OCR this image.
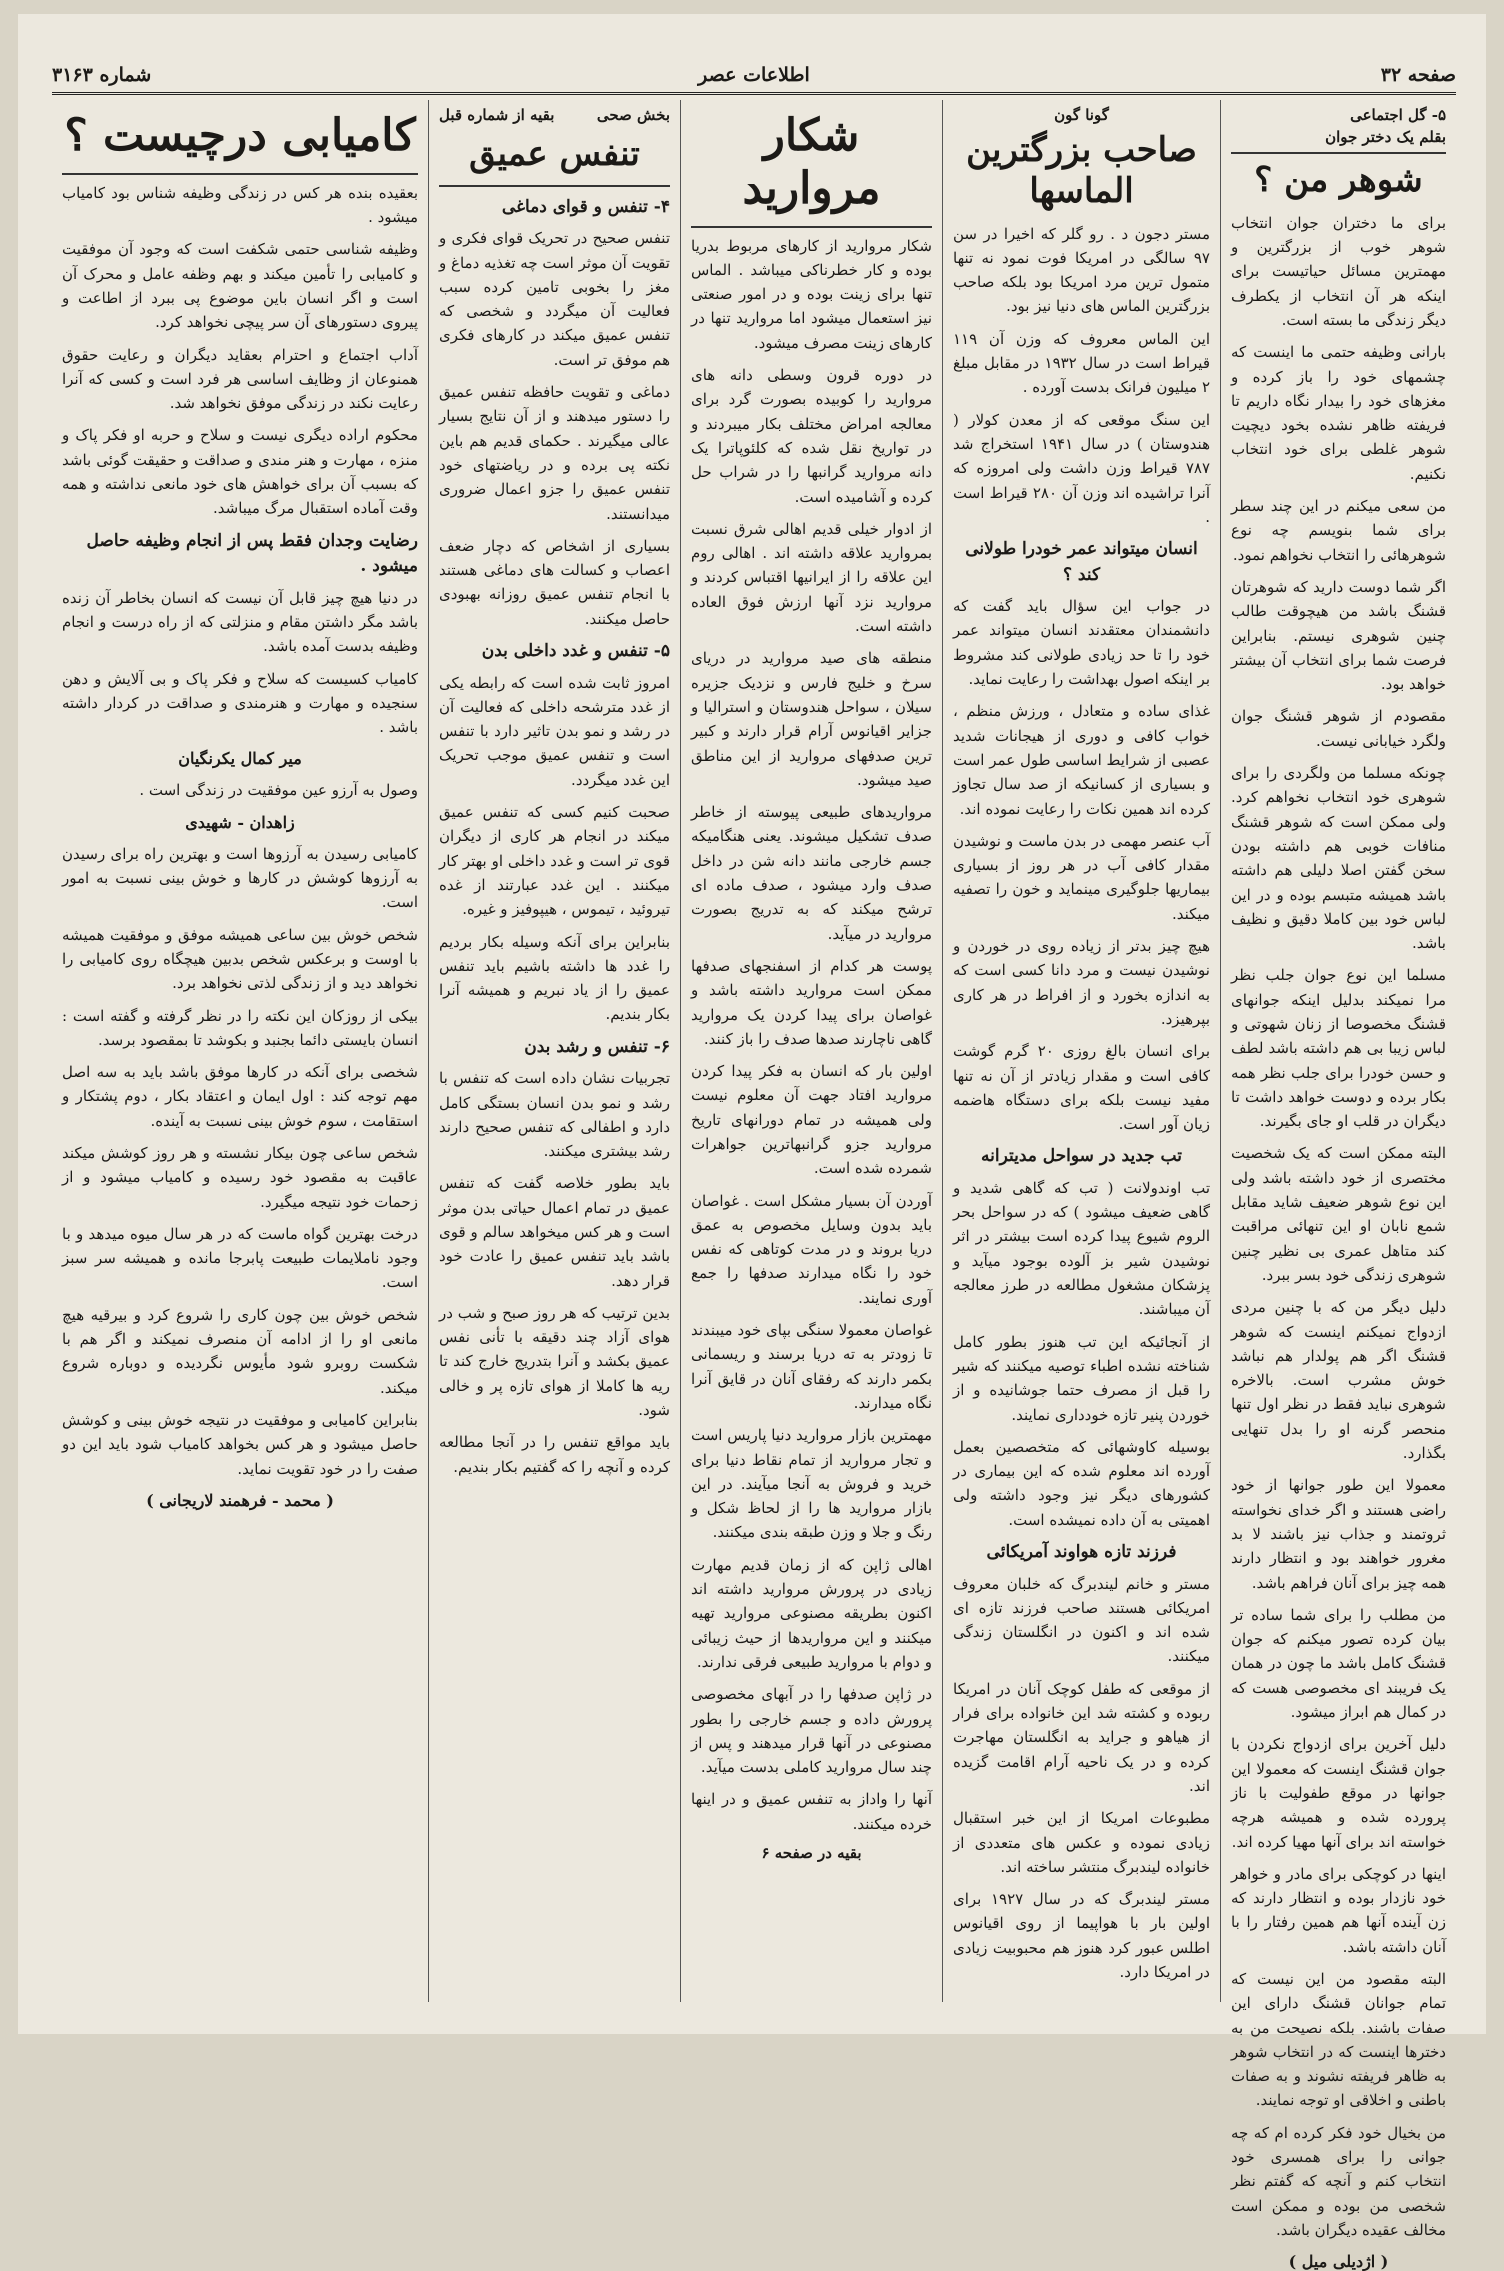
صفحه ۳۲
اطلاعات عصر
شماره ۳۱۶۳
۵- گل اجتماعی
بقلم یک دختر جوان
شوهر من ؟

برای ما دختران جوان انتخاب شوهر خوب از بزرگترین و مهمترین مسائل حیاتیست برای اینکه هر آن انتخاب از یکطرف دیگر زندگی ما بسته است.

بارانی وظیفه حتمی ما اینست که چشمهای خود را باز کرده و مغزهای خود را بیدار نگاه داریم تا فریفته ظاهر نشده بخود دیچیت شوهر غلطی برای خود انتخاب نکنیم.

من سعی میکنم در این چند سطر برای شما بنویسم چه نوع شوهرهائی را انتخاب نخواهم نمود.

اگر شما دوست دارید که شوهرتان قشنگ باشد من هیچوقت طالب چنین شوهری نیستم. بنابراین فرصت شما برای انتخاب آن بیشتر خواهد بود.

مقصودم از شوهر قشنگ جوان ولگرد خیابانی نیست.

چونکه مسلما من ولگردی را برای شوهری خود انتخاب نخواهم کرد. ولی ممکن است که شوهر قشنگ منافات خوبی هم داشته بودن سخن گفتن اصلا دلیلی هم داشته باشد همیشه متبسم بوده و در این لباس خود بین کاملا دقیق و نظیف باشد.

مسلما این نوع جوان جلب نظر مرا نمیکند بدلیل اینکه جوانهای قشنگ مخصوصا از زنان شهوتی و لباس زیبا بی هم داشته باشد لطف و حسن خودرا برای جلب نظر همه بکار برده و دوست خواهد داشت تا دیگران در قلب او جای بگیرند.

البته ممکن است که یک شخصیت مختصری از خود داشته باشد ولی این نوع شوهر ضعیف شاید مقابل شمع نابان او این تنهائی مراقبت کند متاهل عمری بی نظیر چنین شوهری زندگی خود بسر ببرد.

دلیل دیگر من که با چنین مردی ازدواج نمیکنم اینست که شوهر قشنگ اگر هم پولدار هم نباشد خوش مشرب است. بالاخره شوهری نباید فقط در نظر اول تنها منحصر گرنه او را بدل تنهایی بگذارد.

معمولا این طور جوانها از خود راضی هستند و اگر خدای نخواسته ثروتمند و جذاب نیز باشند لا بد مغرور خواهند بود و انتظار دارند همه چیز برای آنان فراهم باشد.

من مطلب را برای شما ساده تر بیان کرده تصور میکنم که جوان قشنگ کامل باشد ما چون در همان یک فریبند ای مخصوصی هست که در کمال هم ابراز میشود.

دلیل آخرین برای ازدواج نکردن با جوان قشنگ اینست که معمولا این جوانها در موقع طفولیت با ناز پرورده شده و همیشه هرچه خواسته اند برای آنها مهیا کرده اند.

اینها در کوچکی برای مادر و خواهر خود نازدار بوده و انتظار دارند که زن آینده آنها هم همین رفتار را با آنان داشته باشد.

البته مقصود من این نیست که تمام جوانان قشنگ دارای این صفات باشند. بلکه نصیحت من به دخترها اینست که در انتخاب شوهر به ظاهر فریفته نشوند و به صفات باطنی و اخلاقی او توجه نمایند.

من بخیال خود فکر کرده ام که چه جوانی را برای همسری خود انتخاب کنم و آنچه که گفتم نظر شخصی من بوده و ممکن است مخالف عقیده دیگران باشد.

( اژدیلی میل )
گونا گون
صاحب بزرگترین الماسها

مستر دجون د . رو گلر که اخیرا در سن ۹۷ سالگی در امریکا فوت نمود نه تنها متمول ترین مرد امریکا بود بلکه صاحب بزرگترین الماس های دنیا نیز بود.

این الماس معروف که وزن آن ۱۱۹ قیراط است در سال ۱۹۳۲ در مقابل مبلغ ۲ میلیون فرانک بدست آورده .

این سنگ موقعی که از معدن کولار ( هندوستان ) در سال ۱۹۴۱ استخراج شد ۷۸۷ قیراط وزن داشت ولی امروزه که آنرا تراشیده اند وزن آن ۲۸۰ قیراط است .

انسان میتواند عمر خودرا طولانی کند ؟

در جواب این سؤال باید گفت که دانشمندان معتقدند انسان میتواند عمر خود را تا حد زیادی طولانی کند مشروط بر اینکه اصول بهداشت را رعایت نماید.

غذای ساده و متعادل ، ورزش منظم ، خواب کافی و دوری از هیجانات شدید عصبی از شرایط اساسی طول عمر است و بسیاری از کسانیکه از صد سال تجاوز کرده اند همین نکات را رعایت نموده اند.

آب عنصر مهمی در بدن ماست و نوشیدن مقدار کافی آب در هر روز از بسیاری بیماریها جلوگیری مینماید و خون را تصفیه میکند.

هیچ چیز بدتر از زیاده روی در خوردن و نوشیدن نیست و مرد دانا کسی است که به اندازه بخورد و از افراط در هر کاری بپرهیزد.

برای انسان بالغ روزی ۲۰ گرم گوشت کافی است و مقدار زیادتر از آن نه تنها مفید نیست بلکه برای دستگاه هاضمه زیان آور است.

تب جدید در سواحل مدیترانه

تب اوندولانت ( تب که گاهی شدید و گاهی ضعیف میشود ) که در سواحل بحر الروم شیوع پیدا کرده است بیشتر در اثر نوشیدن شیر بز آلوده بوجود میآید و پزشکان مشغول مطالعه در طرز معالجه آن میباشند.

از آنجائیکه این تب هنوز بطور کامل شناخته نشده اطباء توصیه میکنند که شیر را قبل از مصرف حتما جوشانیده و از خوردن پنیر تازه خودداری نمایند.

بوسیله کاوشهائی که متخصصین بعمل آورده اند معلوم شده که این بیماری در کشورهای دیگر نیز وجود داشته ولی اهمیتی به آن داده نمیشده است.

فرزند تازه هواوند آمریکائی

مستر و خانم لیندبرگ که خلبان معروف امریکائی هستند صاحب فرزند تازه ای شده اند و اکنون در انگلستان زندگی میکنند.

از موقعی که طفل کوچک آنان در امریکا ربوده و کشته شد این خانواده برای فرار از هیاهو و جراید به انگلستان مهاجرت کرده و در یک ناحیه آرام اقامت گزیده اند.

مطبوعات امریکا از این خبر استقبال زیادی نموده و عکس های متعددی از خانواده لیندبرگ منتشر ساخته اند.

مستر لیندبرگ که در سال ۱۹۲۷ برای اولین بار با هواپیما از روی اقیانوس اطلس عبور کرد هنوز هم محبوبیت زیادی در امریکا دارد.

شکار مروارید

شکار مروارید از کارهای مربوط بدریا بوده و کار خطرناکی میباشد . الماس تنها برای زینت بوده و در امور صنعتی نیز استعمال میشود اما مروارید تنها در کارهای زینت مصرف میشود.

در دوره قرون وسطی دانه های مروارید را کوبیده بصورت گرد برای معالجه امراض مختلف بکار میبردند و در تواریخ نقل شده که کلئوپاترا یک دانه مروارید گرانبها را در شراب حل کرده و آشامیده است.

از ادوار خیلی قدیم اهالی شرق نسبت بمروارید علاقه داشته اند . اهالی روم این علاقه را از ایرانیها اقتباس کردند و مروارید نزد آنها ارزش فوق العاده داشته است.

منطقه های صید مروارید در دریای سرخ و خلیج فارس و نزدیک جزیره سیلان ، سواحل هندوستان و استرالیا و جزایر اقیانوس آرام قرار دارند و کبیر ترین صدفهای مروارید از این مناطق صید میشود.

مرواریدهای طبیعی پیوسته از خاطر صدف تشکیل میشوند. یعنی هنگامیکه جسم خارجی مانند دانه شن در داخل صدف وارد میشود ، صدف ماده ای ترشح میکند که به تدریج بصورت مروارید در میآید.

پوست هر کدام از اسفنجهای صدفها ممکن است مروارید داشته باشد و غواصان برای پیدا کردن یک مروارید گاهی ناچارند صدها صدف را باز کنند.

اولین بار که انسان به فکر پیدا کردن مروارید افتاد جهت آن معلوم نیست ولی همیشه در تمام دورانهای تاریخ مروارید جزو گرانبهاترین جواهرات شمرده شده است.

آوردن آن بسیار مشکل است . غواصان باید بدون وسایل مخصوص به عمق دریا بروند و در مدت کوتاهی که نفس خود را نگاه میدارند صدفها را جمع آوری نمایند.

غواصان معمولا سنگی بپای خود میبندند تا زودتر به ته دریا برسند و ریسمانی بکمر دارند که رفقای آنان در قایق آنرا نگاه میدارند.

مهمترین بازار مروارید دنیا پاریس است و تجار مروارید از تمام نقاط دنیا برای خرید و فروش به آنجا میآیند. در این بازار مروارید ها را از لحاظ شکل و رنگ و جلا و وزن طبقه بندی میکنند.

اهالی ژاپن که از زمان قدیم مهارت زیادی در پرورش مروارید داشته اند اکنون بطریقه مصنوعی مروارید تهیه میکنند و این مرواریدها از حیث زیبائی و دوام با مروارید طبیعی فرقی ندارند.

در ژاپن صدفها را در آبهای مخصوصی پرورش داده و جسم خارجی را بطور مصنوعی در آنها قرار میدهند و پس از چند سال مروارید کاملی بدست میآید.

آنها را واداز به تنفس عمیق و در اینها خرده میکنند.

بقیه در صفحه ۶
بخش صحی
بقیه از شماره قبل
تنفس عمیق
۴- تنفس و قوای دماغی

تنفس صحیح در تحریک قوای فکری و تقویت آن موثر است چه تغذیه دماغ و مغز را بخوبی تامین کرده سبب فعالیت آن میگردد و شخصی که تنفس عمیق میکند در کارهای فکری هم موفق تر است.

دماغی و تقویت حافظه تنفس عمیق را دستور میدهند و از آن نتایج بسیار عالی میگیرند . حکمای قدیم هم باین نکته پی برده و در ریاضتهای خود تنفس عمیق را جزو اعمال ضروری میدانستند.

بسیاری از اشخاص که دچار ضعف اعصاب و کسالت های دماغی هستند با انجام تنفس عمیق روزانه بهبودی حاصل میکنند.

۵- تنفس و غدد داخلی بدن

امروز ثابت شده است که رابطه یکی از غدد مترشحه داخلی که فعالیت آن در رشد و نمو بدن تاثیر دارد با تنفس است و تنفس عمیق موجب تحریک این غدد میگردد.

صحبت کنیم کسی که تنفس عمیق میکند در انجام هر کاری از دیگران قوی تر است و غدد داخلی او بهتر کار میکنند . این غدد عبارتند از غده تیروئید ، تیموس ، هیپوفیز و غیره.

بنابراین برای آنکه وسیله بکار بردیم را غدد ها داشته باشیم باید تنفس عمیق را از یاد نبریم و همیشه آنرا بکار بندیم.

۶- تنفس و رشد بدن

تجربیات نشان داده است که تنفس با رشد و نمو بدن انسان بستگی کامل دارد و اطفالی که تنفس صحیح دارند رشد بیشتری میکنند.

باید بطور خلاصه گفت که تنفس عمیق در تمام اعمال حیاتی بدن موثر است و هر کس میخواهد سالم و قوی باشد باید تنفس عمیق را عادت خود قرار دهد.

بدین ترتیب که هر روز صبح و شب در هوای آزاد چند دقیقه با تأنی نفس عمیق بکشد و آنرا بتدریج خارج کند تا ریه ها کاملا از هوای تازه پر و خالی شود.

باید مواقع تنفس را در آنجا مطالعه کرده و آنچه را که گفتیم بکار بندیم.

کامیابی درچیست ؟

بعقیده بنده هر کس در زندگی وظیفه شناس بود کامیاب میشود .

وظیفه شناسی حتمی شکفت است که وجود آن موفقیت و کامیابی را تأمین میکند و بهم وظفه عامل و محرک آن است و اگر انسان باین موضوع پی ببرد از اطاعت و پیروی دستورهای آن سر پیچی نخواهد کرد.

آداب اجتماع و احترام بعقاید دیگران و رعایت حقوق همنوعان از وظایف اساسی هر فرد است و کسی که آنرا رعایت نکند در زندگی موفق نخواهد شد.

محکوم اراده دیگری نیست و سلاح و حربه او فکر پاک و منزه ، مهارت و هنر مندی و صداقت و حقیقت گوئی باشد که بسبب آن برای خواهش های خود مانعی نداشته و همه وقت آماده استقبال مرگ میباشد.

رضایت وجدان فقط پس از انجام وظیفه حاصل میشود .

در دنیا هیچ چیز قابل آن نیست که انسان بخاطر آن زنده باشد مگر داشتن مقام و منزلتی که از راه درست و انجام وظیفه بدست آمده باشد.

کامیاب کسیست که سلاح و فکر پاک و بی آلایش و دهن سنجیده و مهارت و هنرمندی و صداقت در کردار داشته باشد .

میر کمال یکرنگیان

وصول به آرزو عین موفقیت در زندگی است .

زاهدان - شهیدی

کامیابی رسیدن به آرزوها است و بهترین راه برای رسیدن به آرزوها کوشش در کارها و خوش بینی نسبت به امور است.

شخص خوش بین ساعی همیشه موفق و موفقیت همیشه با اوست و برعکس شخص بدبین هیچگاه روی کامیابی را نخواهد دید و از زندگی لذتی نخواهد برد.

بیکی از روزکان این نکته را در نظر گرفته و گفته است : انسان بایستی دائما بجنبد و بکوشد تا بمقصود برسد.

شخصی برای آنکه در کارها موفق باشد باید به سه اصل مهم توجه کند : اول ایمان و اعتقاد بکار ، دوم پشتکار و استقامت ، سوم خوش بینی نسبت به آینده.

شخص ساعی چون بیکار نشسته و هر روز کوشش میکند عاقبت به مقصود خود رسیده و کامیاب میشود و از زحمات خود نتیجه میگیرد.

درخت بهترین گواه ماست که در هر سال میوه میدهد و با وجود ناملایمات طبیعت پابرجا مانده و همیشه سر سبز است.

شخص خوش بین چون کاری را شروع کرد و بیرقیه هیچ مانعی او را از ادامه آن منصرف نمیکند و اگر هم با شکست روبرو شود مأیوس نگردیده و دوباره شروع میکند.

بنابراین کامیابی و موفقیت در نتیجه خوش بینی و کوشش حاصل میشود و هر کس بخواهد کامیاب شود باید این دو صفت را در خود تقویت نماید.

( محمد - فرهمند لاریجانی )
